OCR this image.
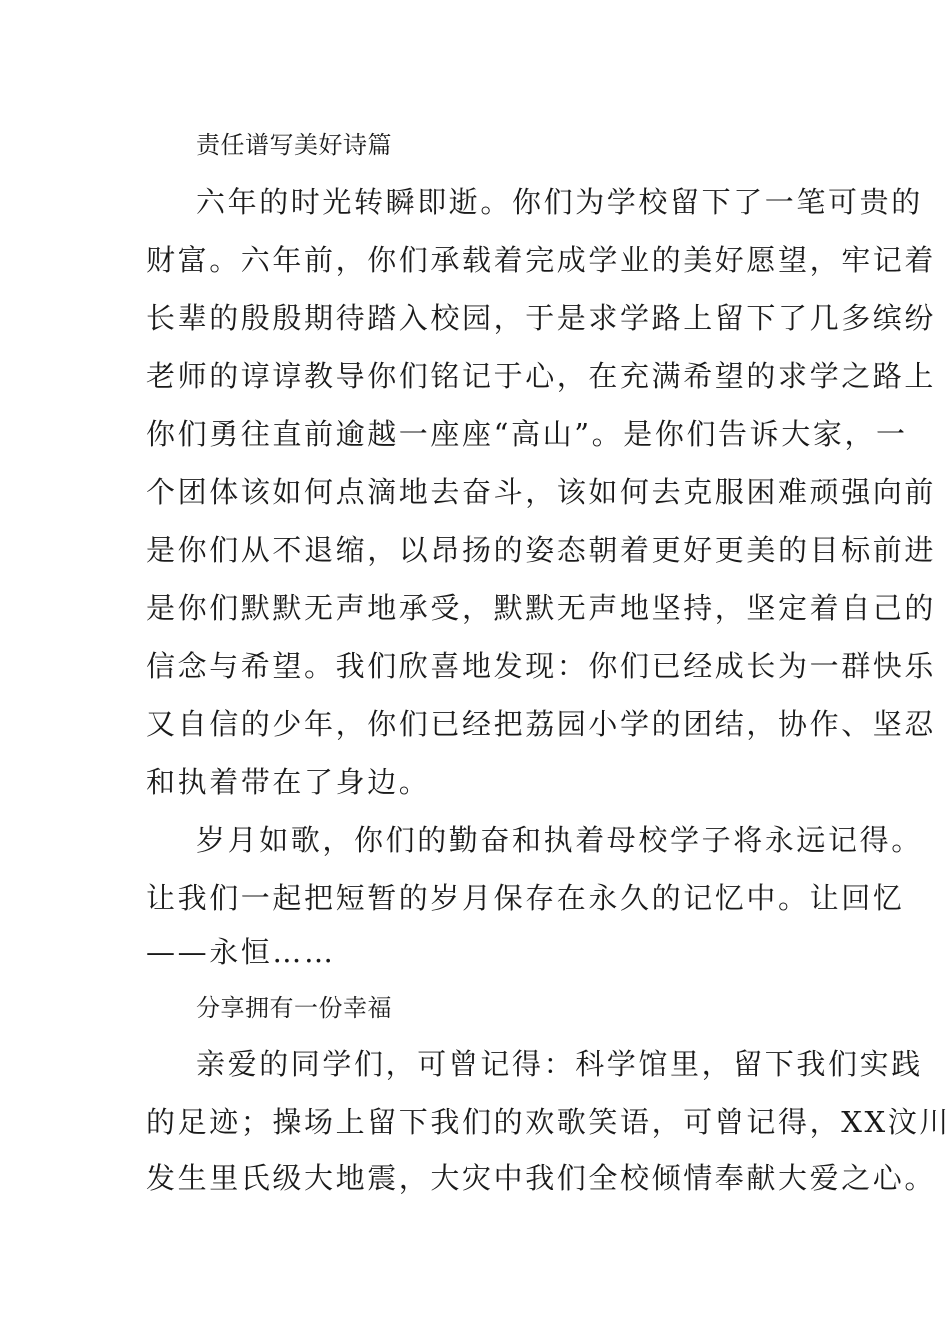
责任谱写美好诗篇
六年的时光转瞬即逝。你们为学校留下了一笔可贵的
财富。六年前，你们承载着完成学业的美好愿望，牢记着
长辈的殷殷期待踏入校园，于是求学路上留下了几多缤纷
老师的谆谆教导你们铭记于心，在充满希望的求学之路上
你们勇往直前逾越一座座“高山”。是你们告诉大家，一
个团体该如何点滴地去奋斗，该如何去克服困难顽强向前
是你们从不退缩，以昂扬的姿态朝着更好更美的目标前进
是你们默默无声地承受，默默无声地坚持，坚定着自己的
信念与希望。我们欣喜地发现：你们已经成长为一群快乐
又自信的少年，你们已经把荔园小学的团结，协作、坚忍
和执着带在了身边。
岁月如歌，你们的勤奋和执着母校学子将永远记得。
让我们一起把短暂的岁月保存在永久的记忆中。让回忆
——永恒……
分享拥有一份幸福
亲爱的同学们，可曾记得：科学馆里，留下我们实践
的足迹；操场上留下我们的欢歌笑语，可曾记得，XX汶川
发生里氏级大地震，大灾中我们全校倾情奉献大爱之心。
